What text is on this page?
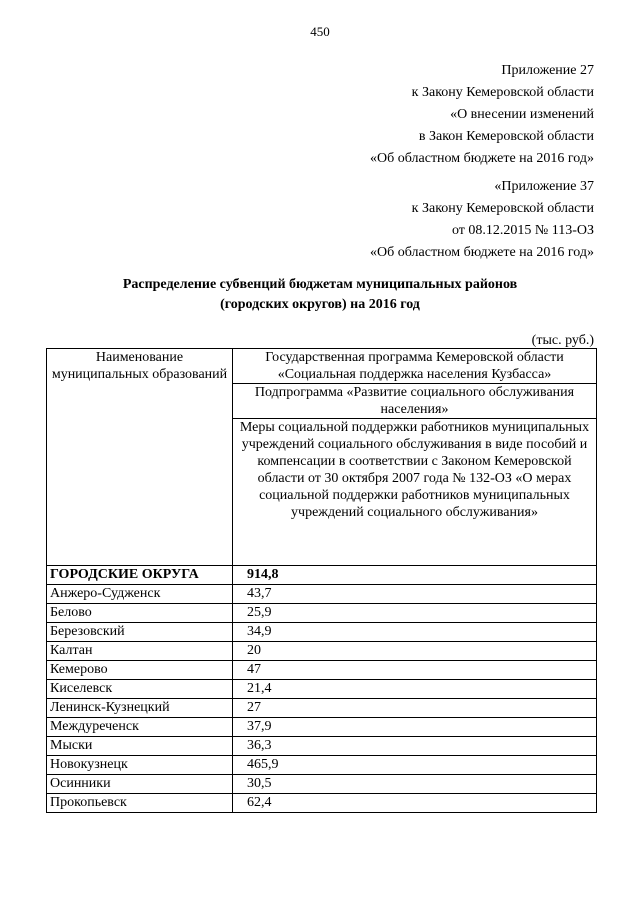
450
Приложение 27
к Закону Кемеровской области
«О внесении изменений
в Закон Кемеровской области
«Об областном бюджете на 2016 год»
«Приложение 37
к Закону Кемеровской области
от 08.12.2015 № 113-ОЗ
«Об областном бюджете на 2016 год»
Распределение субвенций бюджетам муниципальных районов
(городских округов) на 2016 год
(тыс. руб.)
Наименование муниципальных образований	Государственная программа Кемеровской области «Социальная поддержка населения Кузбасса»
	Подпрограмма «Развитие социального обслуживания населения»
	Меры социальной поддержки работников муниципальных учреждений социального обслуживания в виде пособий и компенсации в соответствии с Законом Кемеровской области от 30 октября 2007 года № 132-ОЗ «О мерах социальной поддержки работников муниципальных учреждений социального обслуживания»
ГОРОДСКИЕ ОКРУГА	914,8
Анжеро-Судженск	43,7
Белово	25,9
Березовский	34,9
Калтан	20
Кемерово	47
Киселевск	21,4
Ленинск-Кузнецкий	27
Междуреченск	37,9
Мыски	36,3
Новокузнецк	465,9
Осинники	30,5
Прокопьевск	62,4
